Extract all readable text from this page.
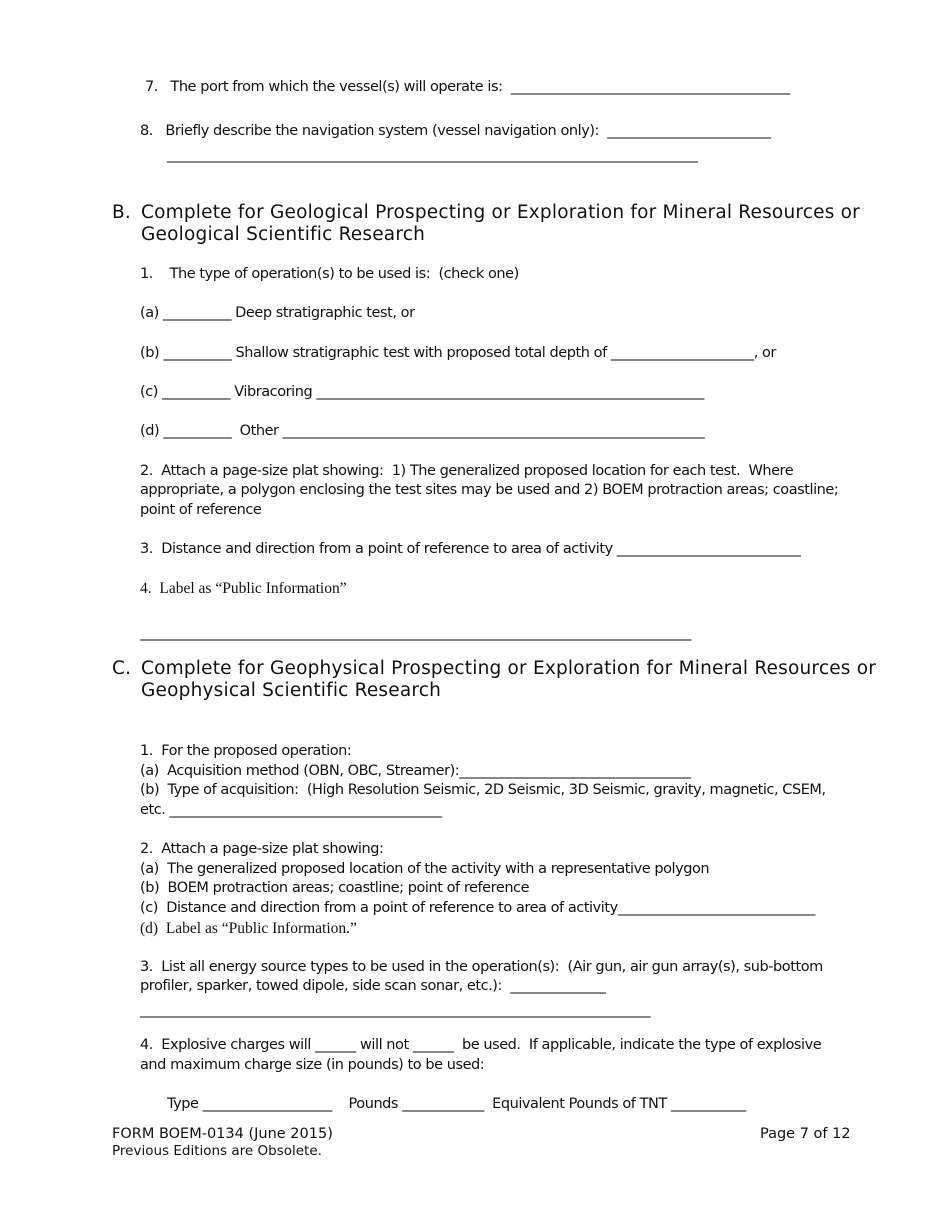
7.   The port from which the vessel(s) will operate is:  _________________________________________
8.   Briefly describe the navigation system (vessel navigation only):  ________________________
______________________________________________________________________________
B. Complete for Geological Prospecting or Exploration for Mineral Resources or
Geological Scientific Research
1.    The type of operation(s) to be used is:  (check one)
(a) __________ Deep stratigraphic test, or
(b) __________ Shallow stratigraphic test with proposed total depth of _____________________, or
(c) __________ Vibracoring _________________________________________________________
(d) __________  Other ______________________________________________________________
2.  Attach a page-size plat showing:  1) The generalized proposed location for each test.  Where
appropriate, a polygon enclosing the test sites may be used and 2) BOEM protraction areas; coastline;
point of reference
3.  Distance and direction from a point of reference to area of activity ___________________________
4.  Label as “Public Information”
_________________________________________________________________________________
C. Complete for Geophysical Prospecting or Exploration for Mineral Resources or
Geophysical Scientific Research
1.  For the proposed operation:
(a)  Acquisition method (OBN, OBC, Streamer):__________________________________
(b)  Type of acquisition:  (High Resolution Seismic, 2D Seismic, 3D Seismic, gravity, magnetic, CSEM,
etc. ________________________________________
2.  Attach a page-size plat showing:
(a)  The generalized proposed location of the activity with a representative polygon
(b)  BOEM protraction areas; coastline; point of reference
(c)  Distance and direction from a point of reference to area of activity_____________________________
(d)  Label as “Public Information.”
3.  List all energy source types to be used in the operation(s):  (Air gun, air gun array(s), sub-bottom
profiler, sparker, towed dipole, side scan sonar, etc.):  ______________
___________________________________________________________________________
4.  Explosive charges will ______ will not ______  be used.  If applicable, indicate the type of explosive
and maximum charge size (in pounds) to be used:
Type ___________________    Pounds ____________  Equivalent Pounds of TNT ___________
FORM BOEM-0134 (June 2015)
Previous Editions are Obsolete.
Page 7 of 12
